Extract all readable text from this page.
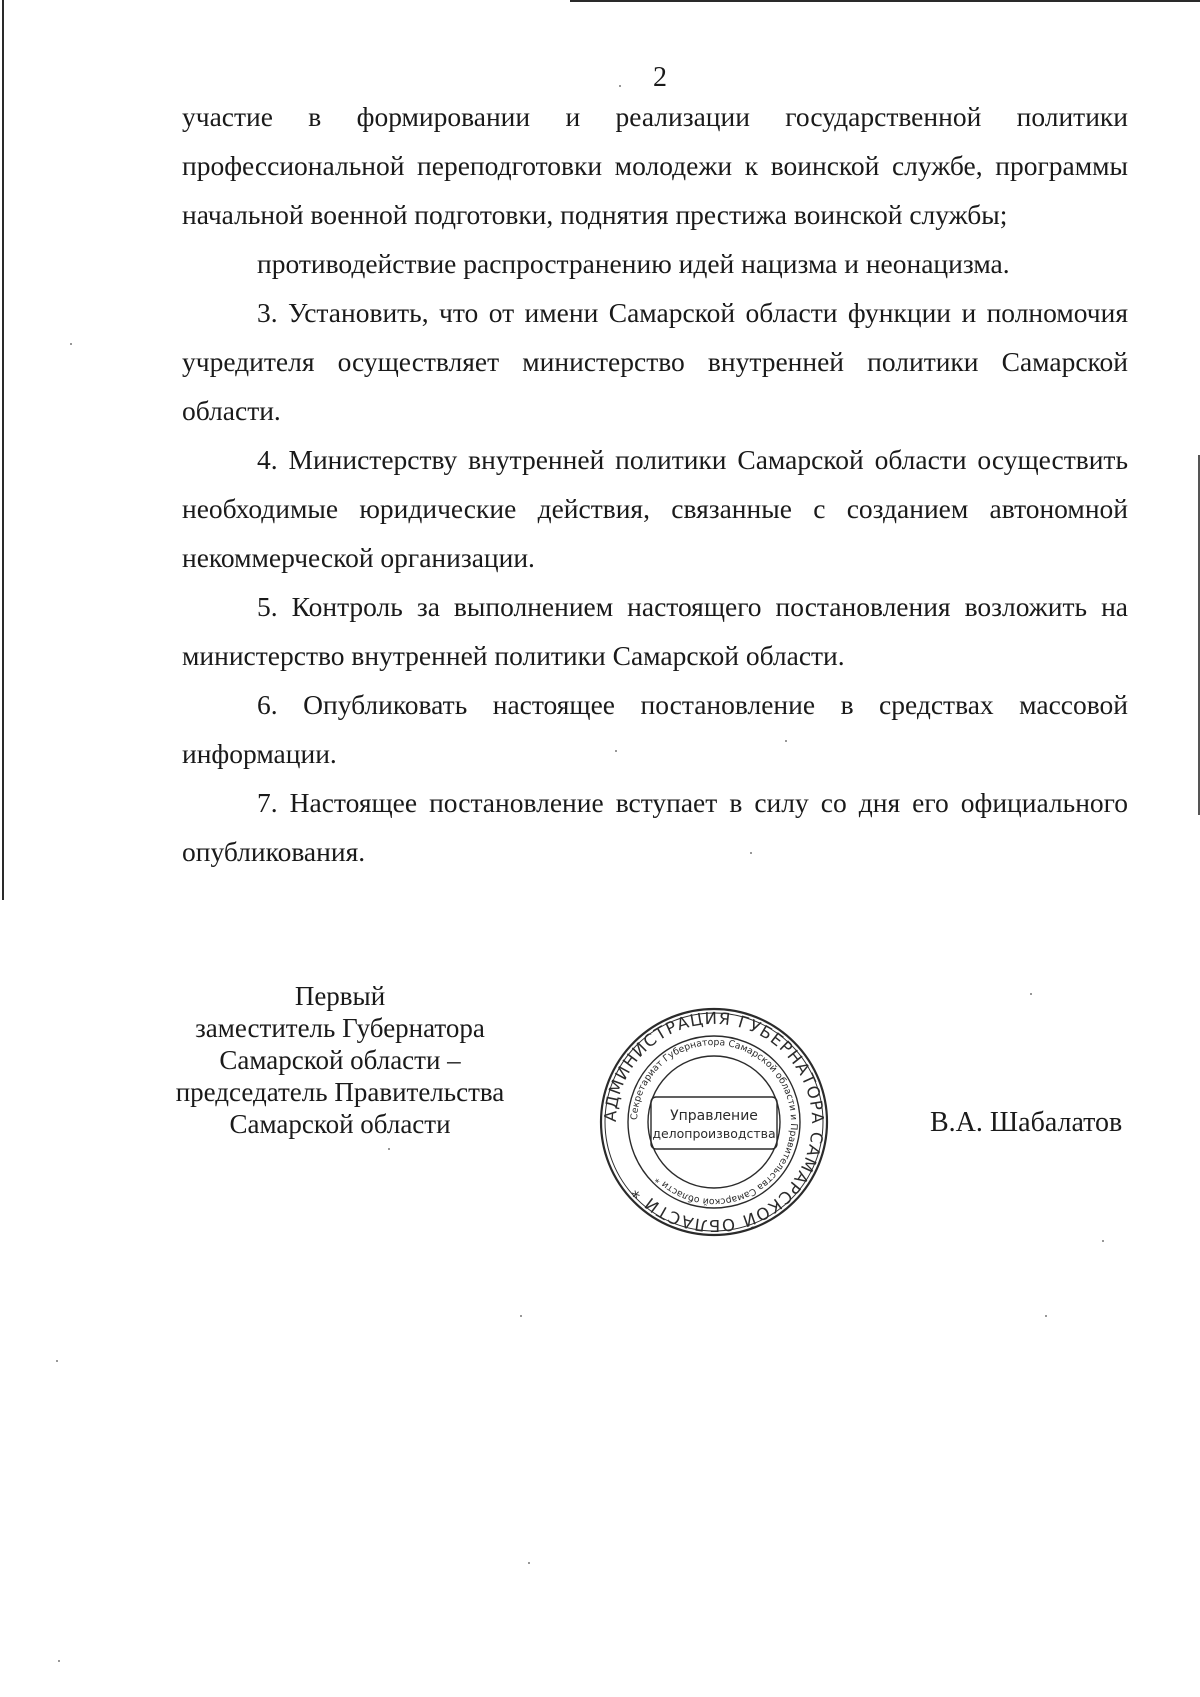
2

участие в формировании и реализации государственной политики профессиональной переподготовки молодежи к воинской службе, программы начальной военной подготовки, поднятия престижа воинской службы;

противодействие распространению идей нацизма и неонацизма.

3. Установить, что от имени Самарской области функции и полномочия учредителя осуществляет министерство внутренней политики Самарской области.

4. Министерству внутренней политики Самарской области осуществить необходимые юридические действия, связанные с созданием автономной некоммерческой организации.

5. Контроль за выполнением настоящего постановления возложить на министерство внутренней политики Самарской области.

6. Опубликовать настоящее постановление в средствах массовой информации.

7. Настоящее постановление вступает в силу со дня его официального опубликования.

Первый
заместитель Губернатора
Самарской области –
председатель Правительства
Самарской области	АДМИНИСТРАЦИЯ ГУБЕРНАТОРА САМАРСКОЙ ОБЛАСТИ *
Секретариат Губернатора Самарской области и Правительства Самарской области *
Управление
делопроизводства	В.А. Шабалатов
